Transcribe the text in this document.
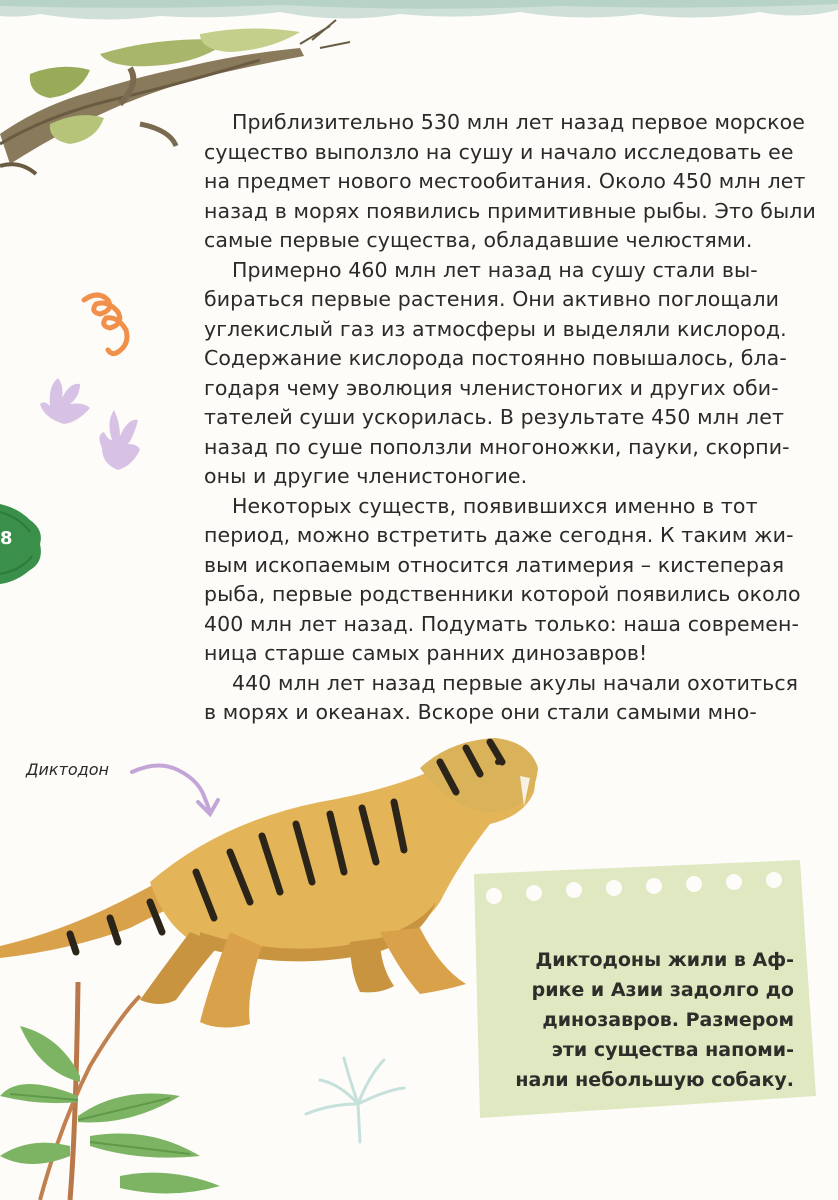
8

Приблизительно 530 млн лет назад первое морское
существо выползло на сушу и начало исследовать ее
на предмет нового местообитания. Около 450 млн лет
назад в морях появились примитивные рыбы. Это были
самые первые существа, обладавшие челюстями.

Примерно 460 млн лет назад на сушу стали вы-
бираться первые растения. Они активно поглощали
углекислый газ из атмосферы и выделяли кислород.
Содержание кислорода постоянно повышалось, бла-
годаря чему эволюция членистоногих и других оби-
тателей суши ускорилась. В результате 450 млн лет
назад по суше поползли многоножки, пауки, скорпи-
оны и другие членистоногие.

Некоторых существ, появившихся именно в тот
период, можно встретить даже сегодня. К таким жи-
вым ископаемым относится латимерия – кистеперая
рыба, первые родственники которой появились около
400 млн лет назад. Подумать только: наша современ-
ница старше самых ранних динозавров!

440 млн лет назад первые акулы начали охотиться
в морях и океанах. Вскоре они стали самыми мно-

Диктодон
Диктодоны жили в Аф-
рике и Азии задолго до
динозавров. Размером
эти существа напоми-
нали небольшую собаку.
